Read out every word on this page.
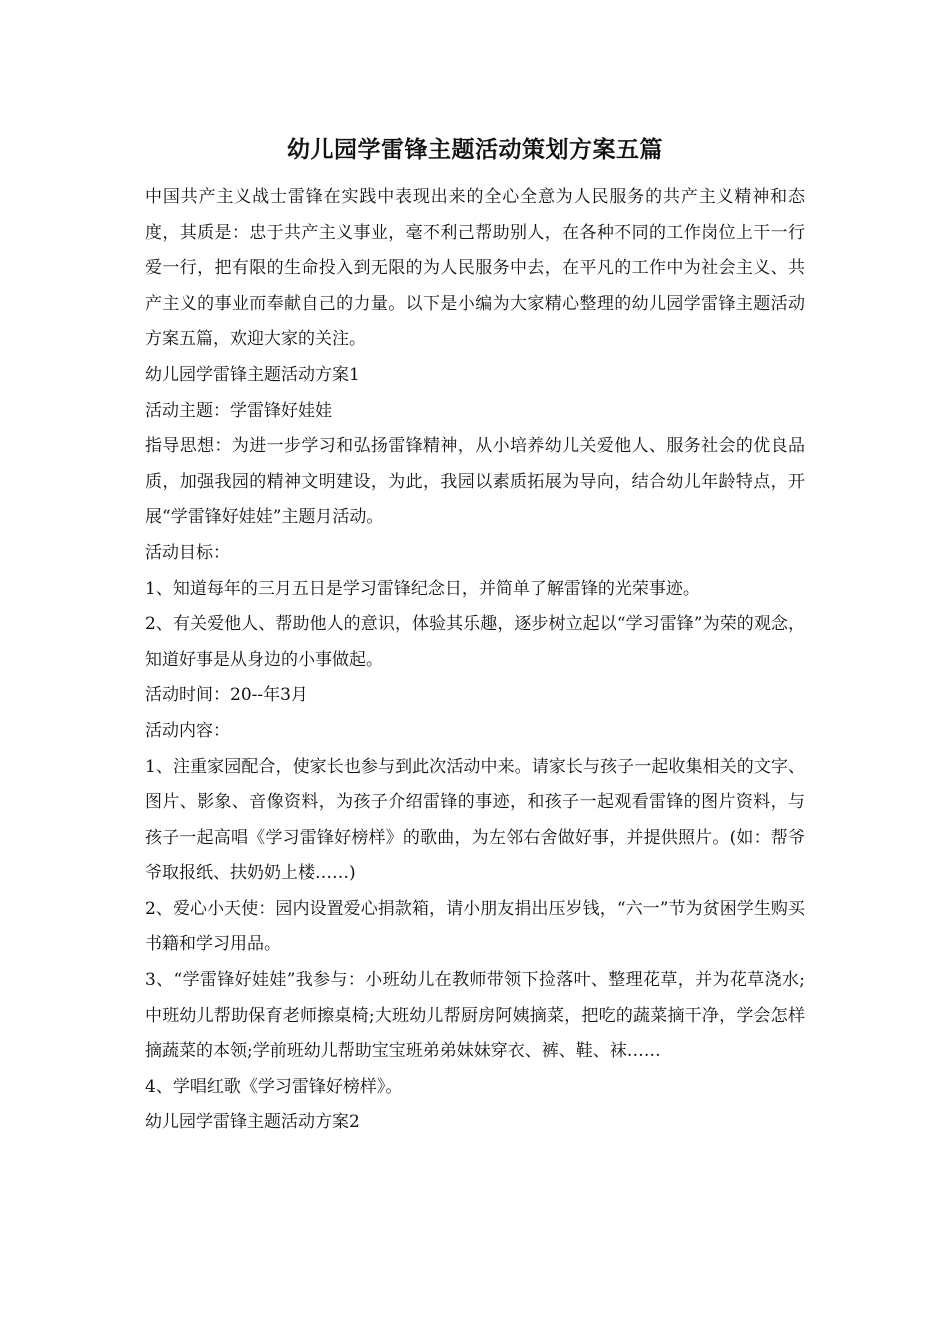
幼儿园学雷锋主题活动策划方案五篇

中国共产主义战士雷锋在实践中表现出来的全心全意为人民服务的共产主义精神和态度，其质是：忠于共产主义事业，毫不利己帮助别人，在各种不同的工作岗位上干一行爱一行，把有限的生命投入到无限的为人民服务中去，在平凡的工作中为社会主义、共产主义的事业而奉献自己的力量。以下是小编为大家精心整理的幼儿园学雷锋主题活动方案五篇，欢迎大家的关注。

幼儿园学雷锋主题活动方案1

活动主题：学雷锋好娃娃

指导思想：为进一步学习和弘扬雷锋精神，从小培养幼儿关爱他人、服务社会的优良品质，加强我园的精神文明建设，为此，我园以素质拓展为导向，结合幼儿年龄特点，开展“学雷锋好娃娃”主题月活动。

活动目标：

1、知道每年的三月五日是学习雷锋纪念日，并简单了解雷锋的光荣事迹。

2、有关爱他人、帮助他人的意识，体验其乐趣，逐步树立起以“学习雷锋”为荣的观念，知道好事是从身边的小事做起。

活动时间：20--年3月

活动内容：

1、注重家园配合，使家长也参与到此次活动中来。请家长与孩子一起收集相关的文字、图片、影象、音像资料，为孩子介绍雷锋的事迹，和孩子一起观看雷锋的图片资料，与孩子一起高唱《学习雷锋好榜样》的歌曲，为左邻右舍做好事，并提供照片。(如：帮爷爷取报纸、扶奶奶上楼……)

2、爱心小天使：园内设置爱心捐款箱，请小朋友捐出压岁钱，“六一”节为贫困学生购买书籍和学习用品。

3、“学雷锋好娃娃”我参与：小班幼儿在教师带领下捡落叶、整理花草，并为花草浇水;中班幼儿帮助保育老师擦桌椅;大班幼儿帮厨房阿姨摘菜，把吃的蔬菜摘干净，学会怎样摘蔬菜的本领;学前班幼儿帮助宝宝班弟弟妹妹穿衣、裤、鞋、袜……

4、学唱红歌《学习雷锋好榜样》。

幼儿园学雷锋主题活动方案2
